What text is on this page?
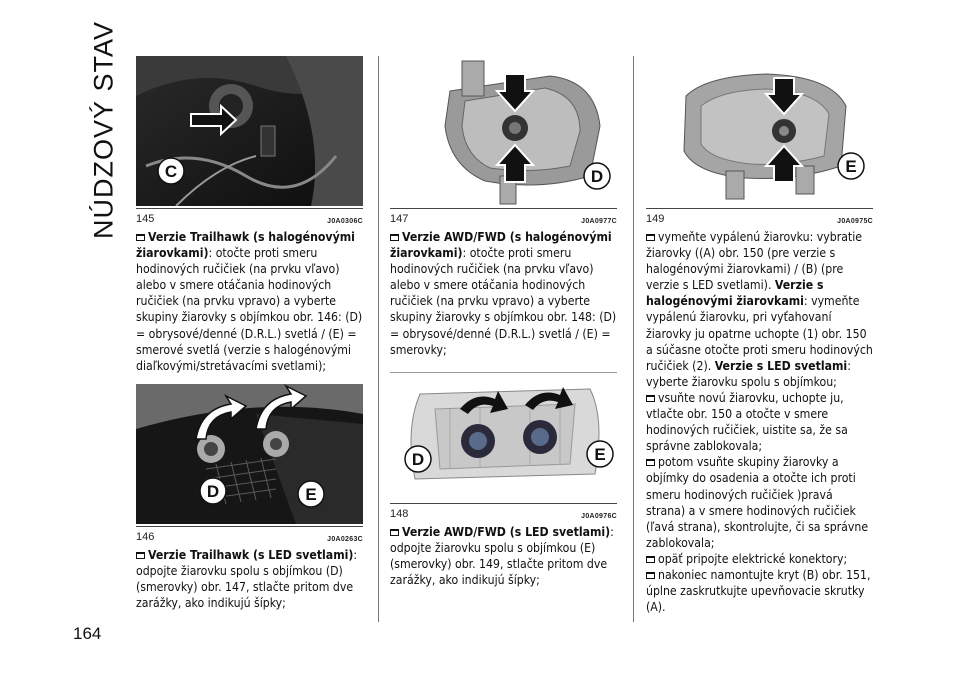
NÚDZOVÝ STAV	C
145	J0A0306C

Verzie Trailhawk (s halogénovými žiarovkami): otočte proti smeru hodinových ručičiek (na prvku vľavo) alebo v smere otáčania hodinových ručičiek (na prvku vpravo) a vyberte skupiny žiarovky s objímkou obr. 146: (D) = obrysové/denné (D.R.L.) svetlá / (E) = smerové svetlá (verzie s halogénovými diaľkovými/stretávacími svetlami);

D	E
146	J0A0263C

Verzie Trailhawk (s LED svetlami): odpojte žiarovku spolu s objímkou (D) (smerovky) obr. 147, stlačte pritom dve zarážky, ako indikujú šípky;

D
147	J0A0977C

Verzie AWD/FWD (s halogénovými žiarovkami): otočte proti smeru hodinových ručičiek (na prvku vľavo) alebo v smere otáčania hodinových ručičiek (na prvku vpravo) a vyberte skupiny žiarovky s objímkou obr. 148: (D) = obrysové/denné (D.R.L.) svetlá / (E) = smerovky;

D	E
148	J0A0976C

Verzie AWD/FWD (s LED svetlami): odpojte žiarovku spolu s objímkou (E) (smerovky) obr. 149, stlačte pritom dve zarážky, ako indikujú šípky;

E
149	J0A0975C

vymeňte vypálenú žiarovku: vybratie žiarovky ((A) obr. 150 (pre verzie s halogénovými žiarovkami) / (B) (pre verzie s LED svetlami). Verzie s halogénovými žiarovkami: vymeňte vypálenú žiarovku, pri vyťahovaní žiarovky ju opatrne uchopte (1) obr. 150 a súčasne otočte proti smeru hodinových ručičiek (2). Verzie s LED svetlami: vyberte žiarovku spolu s objímkou;

vsuňte novú žiarovku, uchopte ju, vtlačte obr. 150 a otočte v smere hodinových ručičiek, uistite sa, že sa správne zablokovala;

potom vsuňte skupiny žiarovky a objímky do osadenia a otočte ich proti smeru hodinových ručičiek )pravá strana) a v smere hodinových ručičiek (ľavá strana), skontrolujte, či sa správne zablokovala;

opäť pripojte elektrické konektory;

nakoniec namontujte kryt (B) obr. 151, úplne zaskrutkujte upevňovacie skrutky (A).

164
